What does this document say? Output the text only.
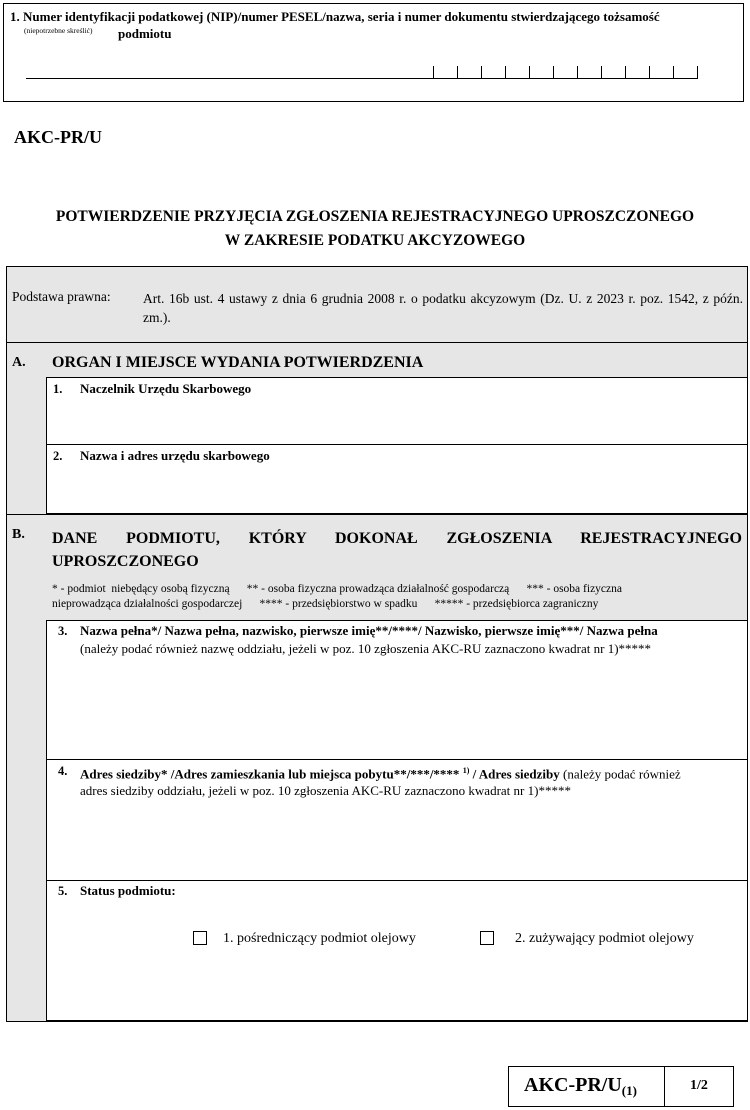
1. Numer identyfikacji podatkowej (NIP)/numer PESEL/nazwa, seria i numer dokumentu stwierdzającego tożsamość
(niepotrzebne skreślić) podmiotu
AKC-PR/U
POTWIERDZENIE PRZYJĘCIA ZGŁOSZENIA REJESTRACYJNEGO UPROSZCZONEGO
W ZAKRESIE PODATKU AKCYZOWEGO
Podstawa prawna: Art. 16b ust. 4 ustawy z dnia 6 grudnia 2008 r. o podatku akcyzowym (Dz. U. z 2023 r. poz. 1542, z późn. zm.).
A. ORGAN I MIEJSCE WYDANIA POTWIERDZENIA
1. Naczelnik Urzędu Skarbowego
2. Nazwa i adres urzędu skarbowego
B. DANE PODMIOTU, KTÓRY DOKONAŁ ZGŁOSZENIA REJESTRACYJNEGO UPROSZCZONEGO
* - podmiot  niebędący osobą fizyczną      ** - osoba fizyczna prowadząca działalność gospodarczą      *** - osoba fizyczna
nieprowadząca działalności gospodarczej      **** - przedsiębiorstwo w spadku      ***** - przedsiębiorca zagraniczny
3. Nazwa pełna*/ Nazwa pełna, nazwisko, pierwsze imię**/****/ Nazwisko, pierwsze imię***/ Nazwa pełna
(należy podać również nazwę oddziału, jeżeli w poz. 10 zgłoszenia AKC-RU zaznaczono kwadrat nr 1)*****
4. Adres siedziby* /Adres zamieszkania lub miejsca pobytu**/***/**** $^{1)}$ / Adres siedziby (należy podać również
adres siedziby oddziału, jeżeli w poz. 10 zgłoszenia AKC-RU zaznaczono kwadrat nr 1)*****
5. Status podmiotu:
1. pośredniczący podmiot olejowy	2. zużywający podmiot olejowy
AKC-$PR/U_{(1)}$	1/2
